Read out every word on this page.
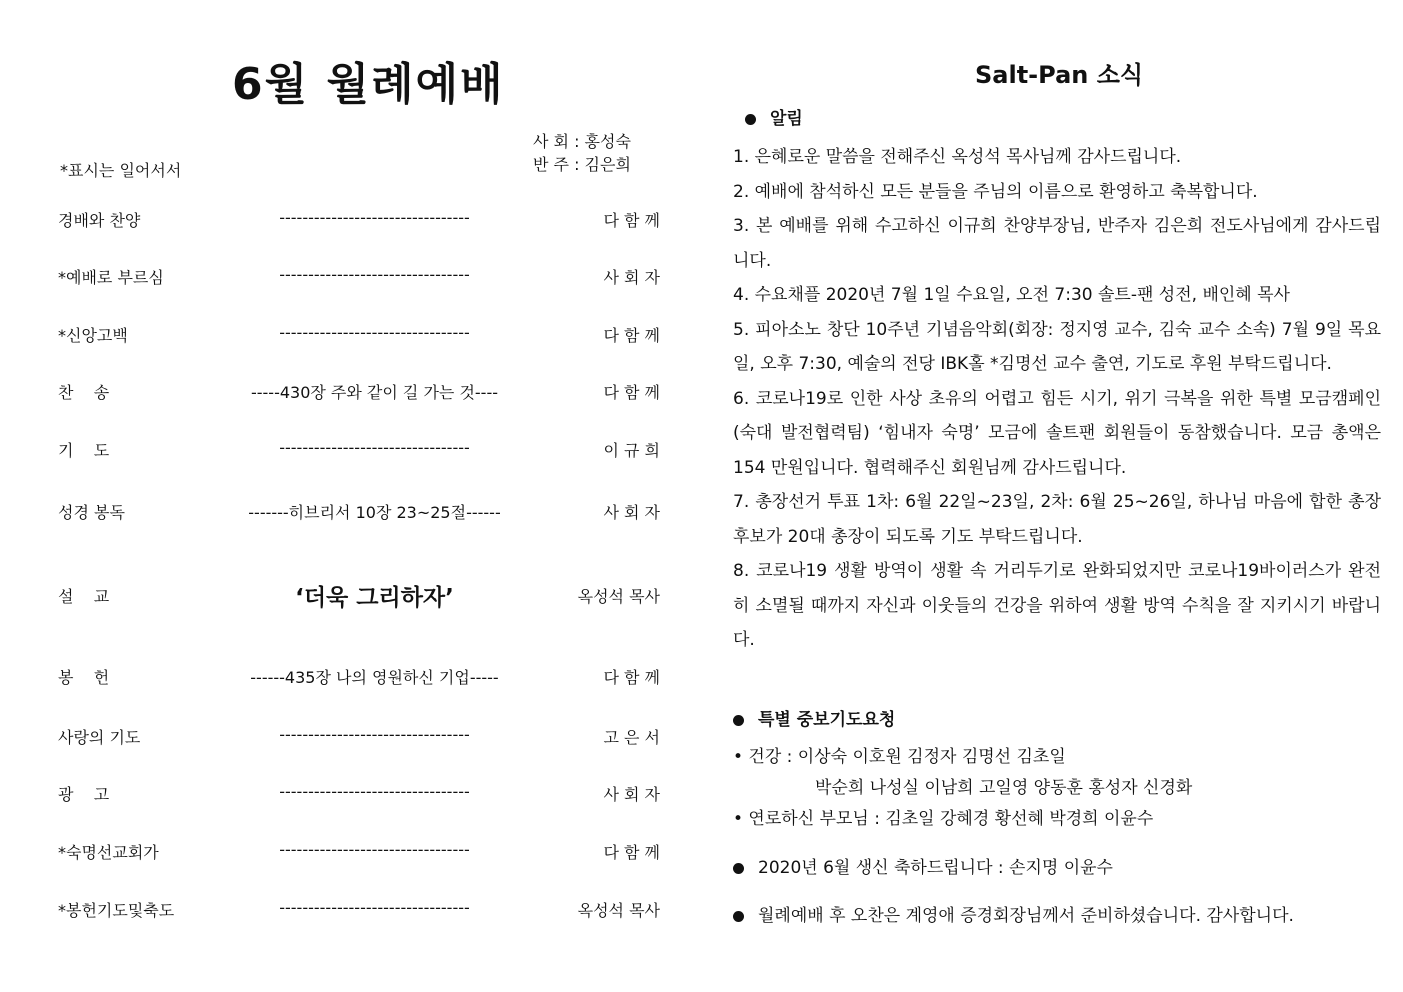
6월 월례예배
사 회 : 홍성숙
반 주 : 김은희
*표시는 일어서서
경배와 찬양	---------------------------------	다 함 께
*예배로 부르심	---------------------------------	사 회 자
*신앙고백	---------------------------------	다 함 께
찬    송	-----430장 주와 같이 길 가는 것----	다 함 께
기    도	---------------------------------	이 규 희
성경 봉독	-------히브리서 10장 23~25절------	사 회 자
설    교	‘더욱 그리하자’	옥성석 목사
봉    헌	------435장 나의 영원하신 기업-----	다 함 께
사랑의 기도	---------------------------------	고 은 서
광    고	---------------------------------	사 회 자
*숙명선교회가	---------------------------------	다 함 께
*봉헌기도및축도	---------------------------------	옥성석 목사
Salt-Pan 소식
알림

1. 은혜로운 말씀을 전해주신 옥성석 목사님께 감사드립니다.

2. 예배에 참석하신 모든 분들을 주님의 이름으로 환영하고 축복합니다.

3. 본 예배를 위해 수고하신 이규희 찬양부장님, 반주자 김은희 전도사님에게 감사드립니다.

4. 수요채플 2020년 7월 1일 수요일, 오전 7:30 솔트-팬 성전, 배인혜 목사

5. 피아소노 창단 10주년 기념음악회(회장: 정지영 교수, 김숙 교수 소속) 7월 9일 목요일, 오후 7:30, 예술의 전당 IBK홀 *김명선 교수 출연, 기도로 후원 부탁드립니다.

6. 코로나19로 인한 사상 초유의 어렵고 힘든 시기, 위기 극복을 위한 특별 모금캠페인(숙대 발전협력팀) ‘힘내자 숙명’ 모금에 솔트팬 회원들이 동참했습니다. 모금 총액은 154 만원입니다. 협력해주신 회원님께 감사드립니다.

7. 총장선거 투표 1차: 6월 22일~23일, 2차: 6월 25~26일, 하나님 마음에 합한 총장 후보가 20대 총장이 되도록 기도 부탁드립니다.

8. 코로나19 생활 방역이 생활 속 거리두기로 완화되었지만 코로나19바이러스가 완전히 소멸될 때까지 자신과 이웃들의 건강을 위하여 생활 방역 수칙을 잘 지키시기 바랍니다.

특별 중보기도요청
• 건강 : 이상숙 이호원 김정자 김명선 김초일
박순희 나성실 이남희 고일영 양동훈 홍성자 신경화
• 연로하신 부모님 : 김초일 강혜경 황선혜 박경희 이윤수
2020년 6월 생신 축하드립니다 : 손지명 이윤수
월례예배 후 오찬은 계영애 증경회장님께서 준비하셨습니다. 감사합니다.
